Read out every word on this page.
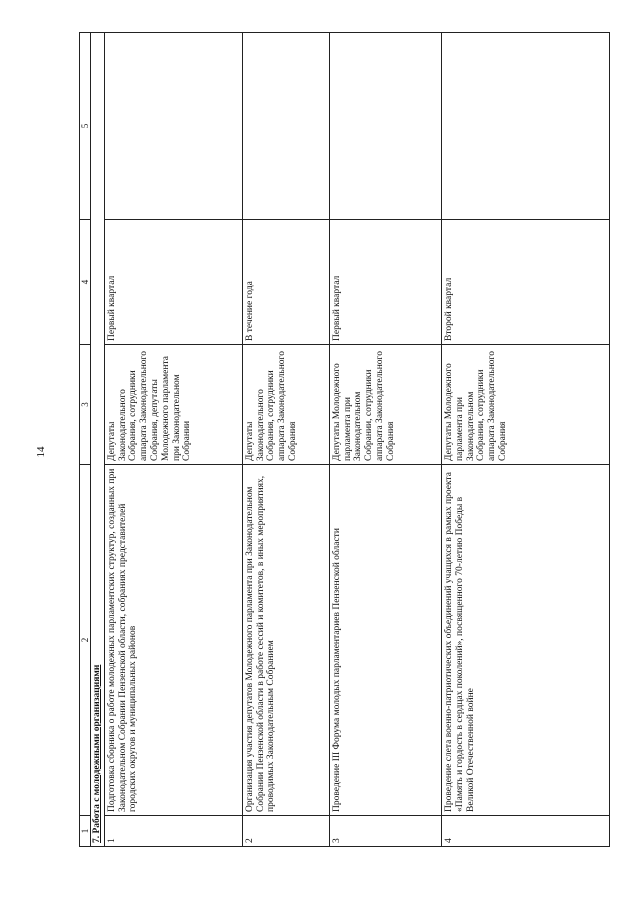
14
1	2	3	4	5
7. Работа с молодежными организациями				
1	Подготовка сборника о работе молодежных парламентских структур, созданных при Законодательном Собрании Пензенской области, собраниях представителей городских округов и муниципальных районов	Депутаты Законодательного Собрания, сотрудники аппарата Законодательного Собрания, депутаты Молодежного парламента при Законодательном Собрании	Первый квартал	
2	Организация участия депутатов Молодежного парламента при Законодательном Собрании Пензенской области в работе сессий и комитетов, в иных мероприятиях, проводимых Законодательным Собранием	Депутаты Законодательного Собрания, сотрудники аппарата Законодательного Собрания	В течение года	
3	Проведение III Форума молодых парламентариев Пензенской области	Депутаты Молодежного парламента при Законодательном Собрании, сотрудники аппарата Законодательного Собрания	Первый квартал	
4	Проведение слета военно-патриотических объединений учащихся в рамках проекта «Память и гордость в сердцах поколений», посвященного 70-летию Победы в Великой Отечественной войне	Депутаты Молодежного парламента при Законодательном Собрании, сотрудники аппарата Законодательного Собрания	Второй квартал	
